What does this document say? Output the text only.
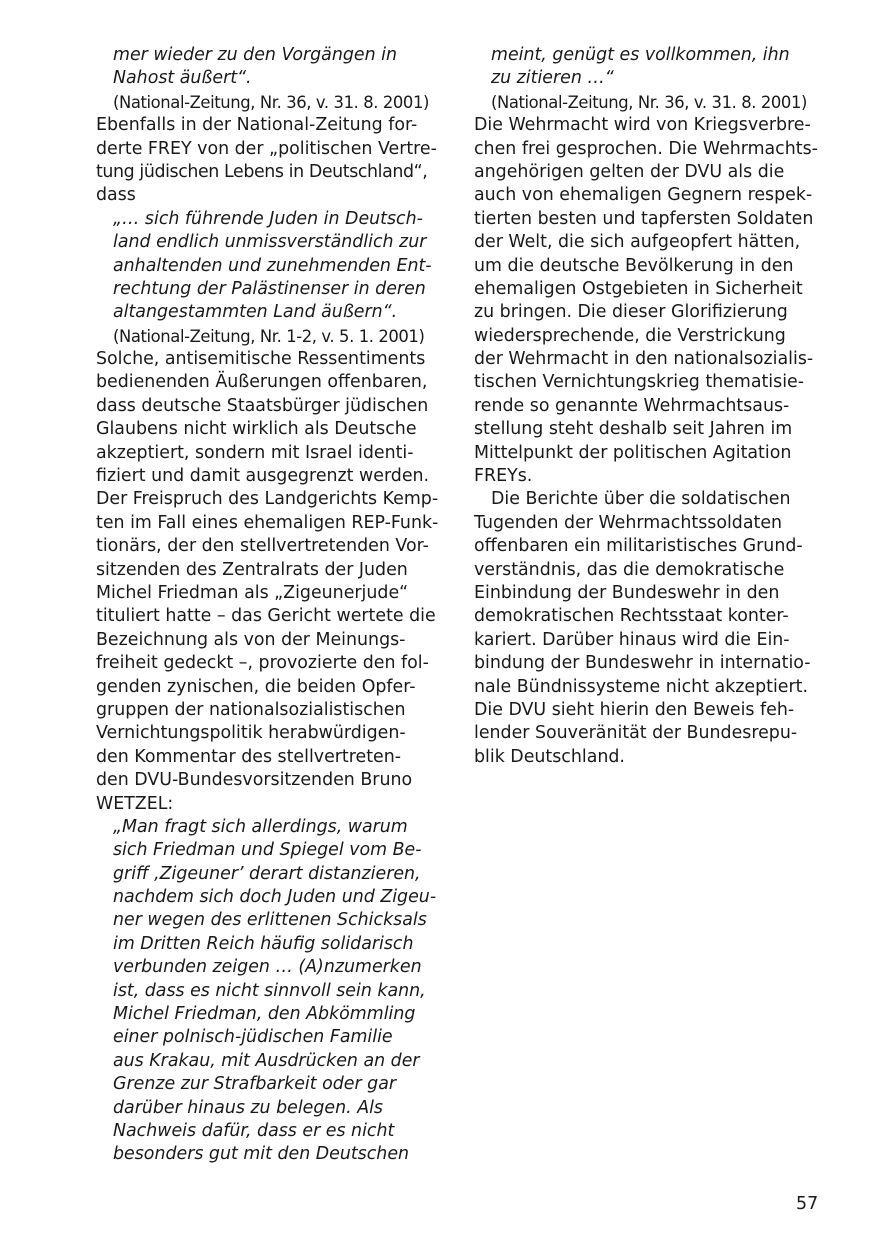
mer wieder zu den Vorgängen in
Nahost äußert“.
(National-Zeitung, Nr. 36, v. 31. 8. 2001)
Ebenfalls in der National-Zeitung for-
derte FREY von der „politischen Vertre-
tung jüdischen Lebens in Deutschland“,
dass
„… sich führende Juden in Deutsch-
land endlich unmissverständlich zur
anhaltenden und zunehmenden Ent-
rechtung der Palästinenser in deren
altangestammten Land äußern“.
(National-Zeitung, Nr. 1-2, v. 5. 1. 2001)
Solche, antisemitische Ressentiments
bedienenden Äußerungen offenbaren,
dass deutsche Staatsbürger jüdischen
Glaubens nicht wirklich als Deutsche
akzeptiert, sondern mit Israel identi-
fiziert und damit ausgegrenzt werden.
Der Freispruch des Landgerichts Kemp-
ten im Fall eines ehemaligen REP-Funk-
tionärs, der den stellvertretenden Vor-
sitzenden des Zentralrats der Juden
Michel Friedman als „Zigeunerjude“
tituliert hatte – das Gericht wertete die
Bezeichnung als von der Meinungs-
freiheit gedeckt –, provozierte den fol-
genden zynischen, die beiden Opfer-
gruppen der nationalsozialistischen
Vernichtungspolitik herabwürdigen-
den Kommentar des stellvertreten-
den DVU-Bundesvorsitzenden Bruno
WETZEL:
„Man fragt sich allerdings, warum
sich Friedman und Spiegel vom Be-
griff ‚Zigeuner’ derart distanzieren,
nachdem sich doch Juden und Zigeu-
ner wegen des erlittenen Schicksals
im Dritten Reich häufig solidarisch
verbunden zeigen … (A)nzumerken
ist, dass es nicht sinnvoll sein kann,
Michel Friedman, den Abkömmling
einer polnisch-jüdischen Familie
aus Krakau, mit Ausdrücken an der
Grenze zur Strafbarkeit oder gar
darüber hinaus zu belegen. Als
Nachweis dafür, dass er es nicht
besonders gut mit den Deutschen
meint, genügt es vollkommen, ihn
zu zitieren …“
(National-Zeitung, Nr. 36, v. 31. 8. 2001)
Die Wehrmacht wird von Kriegsverbre-
chen frei gesprochen. Die Wehrmachts-
angehörigen gelten der DVU als die
auch von ehemaligen Gegnern respek-
tierten besten und tapfersten Soldaten
der Welt, die sich aufgeopfert hätten,
um die deutsche Bevölkerung in den
ehemaligen Ostgebieten in Sicherheit
zu bringen. Die dieser Glorifizierung
wiedersprechende, die Verstrickung
der Wehrmacht in den nationalsozialis-
tischen Vernichtungskrieg thematisie-
rende so genannte Wehrmachtsaus-
stellung steht deshalb seit Jahren im
Mittelpunkt der politischen Agitation
FREYs.
Die Berichte über die soldatischen
Tugenden der Wehrmachtssoldaten
offenbaren ein militaristisches Grund-
verständnis, das die demokratische
Einbindung der Bundeswehr in den
demokratischen Rechtsstaat konter-
kariert. Darüber hinaus wird die Ein-
bindung der Bundeswehr in internatio-
nale Bündnissysteme nicht akzeptiert.
Die DVU sieht hierin den Beweis feh-
lender Souveränität der Bundesrepu-
blik Deutschland.
57
